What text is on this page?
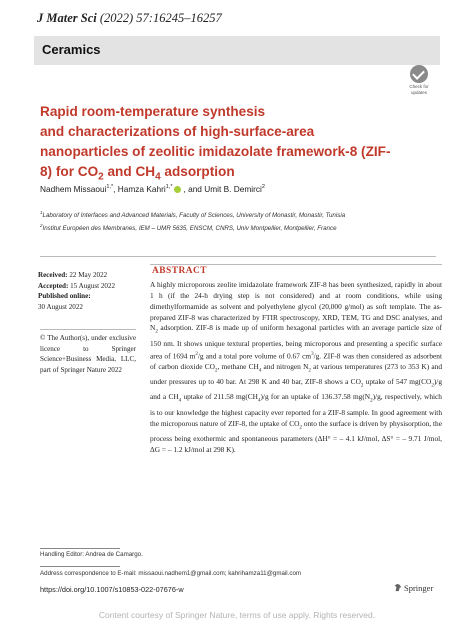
J Mater Sci (2022) 57:16245–16257
Ceramics
Check for
updates
Rapid room-temperature synthesis
and characterizations of high-surface-area
nanoparticles of zeolitic imidazolate framework-8 (ZIF-
8) for $CO_2$ and $CH_4$ adsorption
Nadhem Missaoui$^{1,*}$, Hamza Kahri$^{1,*}$ , and Umit B. Demirci$^2$
$^1$Laboratory of Interfaces and Advanced Materials, Faculty of Sciences, University of Monastir, Monastir, Tunisia
$^2$Institut Européen des Membranes, IEM – UMR 5635, ENSCM, CNRS, Univ Montpellier, Montpellier, France
Received: 22 May 2022
Accepted: 15 August 2022
Published online:
30 August 2022
© The Author(s), under exclusive licence to Springer Science+Business Media, LLC, part of Springer Nature 2022
ABSTRACT
A highly microporous zeolite imidazolate framework ZIF-8 has been synthesized, rapidly in about 1 h (if the 24-h drying step is not considered) and at room conditions, while using dimethylformamide as solvent and polyethylene glycol (20,000 g/mol) as soft template. The as-prepared ZIF-8 was characterized by FTIR spectroscopy, XRD, TEM, TG and DSC analyses, and $N_2$ adsorption. ZIF-8 is made up of uniform hexagonal particles with an average particle size of 150 nm. It shows unique textural properties, being microporous and presenting a specific surface area of 1694 $m^2/g$ and a total pore volume of 0.67 $cm^3/g$. ZIF-8 was then considered as adsorbent of carbon dioxide $CO_2$, methane $CH_4$ and nitrogen $N_2$ at various temperatures (273 to 353 K) and under pressures up to 40 bar. At 298 K and 40 bar, ZIF-8 shows a $CO_2$ uptake of 547 $mg(CO_2)/g$ and a $CH_4$ uptake of 211.58 $mg(CH_4)/g$ for an uptake of 136.37.58 $mg(N_2)/g$, respectively, which is to our knowledge the highest capacity ever reported for a ZIF-8 sample. In good agreement with the microporous nature of ZIF-8, the uptake of $CO_2$ onto the surface is driven by physisorption, the process being exothermic and spontaneous parameters (ΔH° = – 4.1 kJ/mol, ΔS° = – 9.71 J/mol, ΔG = – 1.2 kJ/mol at 298 K).
Handling Editor: Andrea de Camargo.
Address correspondence to E-mail: missaoui.nadhem1@gmail.com; kahrihamza11@gmail.com
https://doi.org/10.1007/s10853-022-07676-w	Springer
Content courtesy of Springer Nature, terms of use apply. Rights reserved.
